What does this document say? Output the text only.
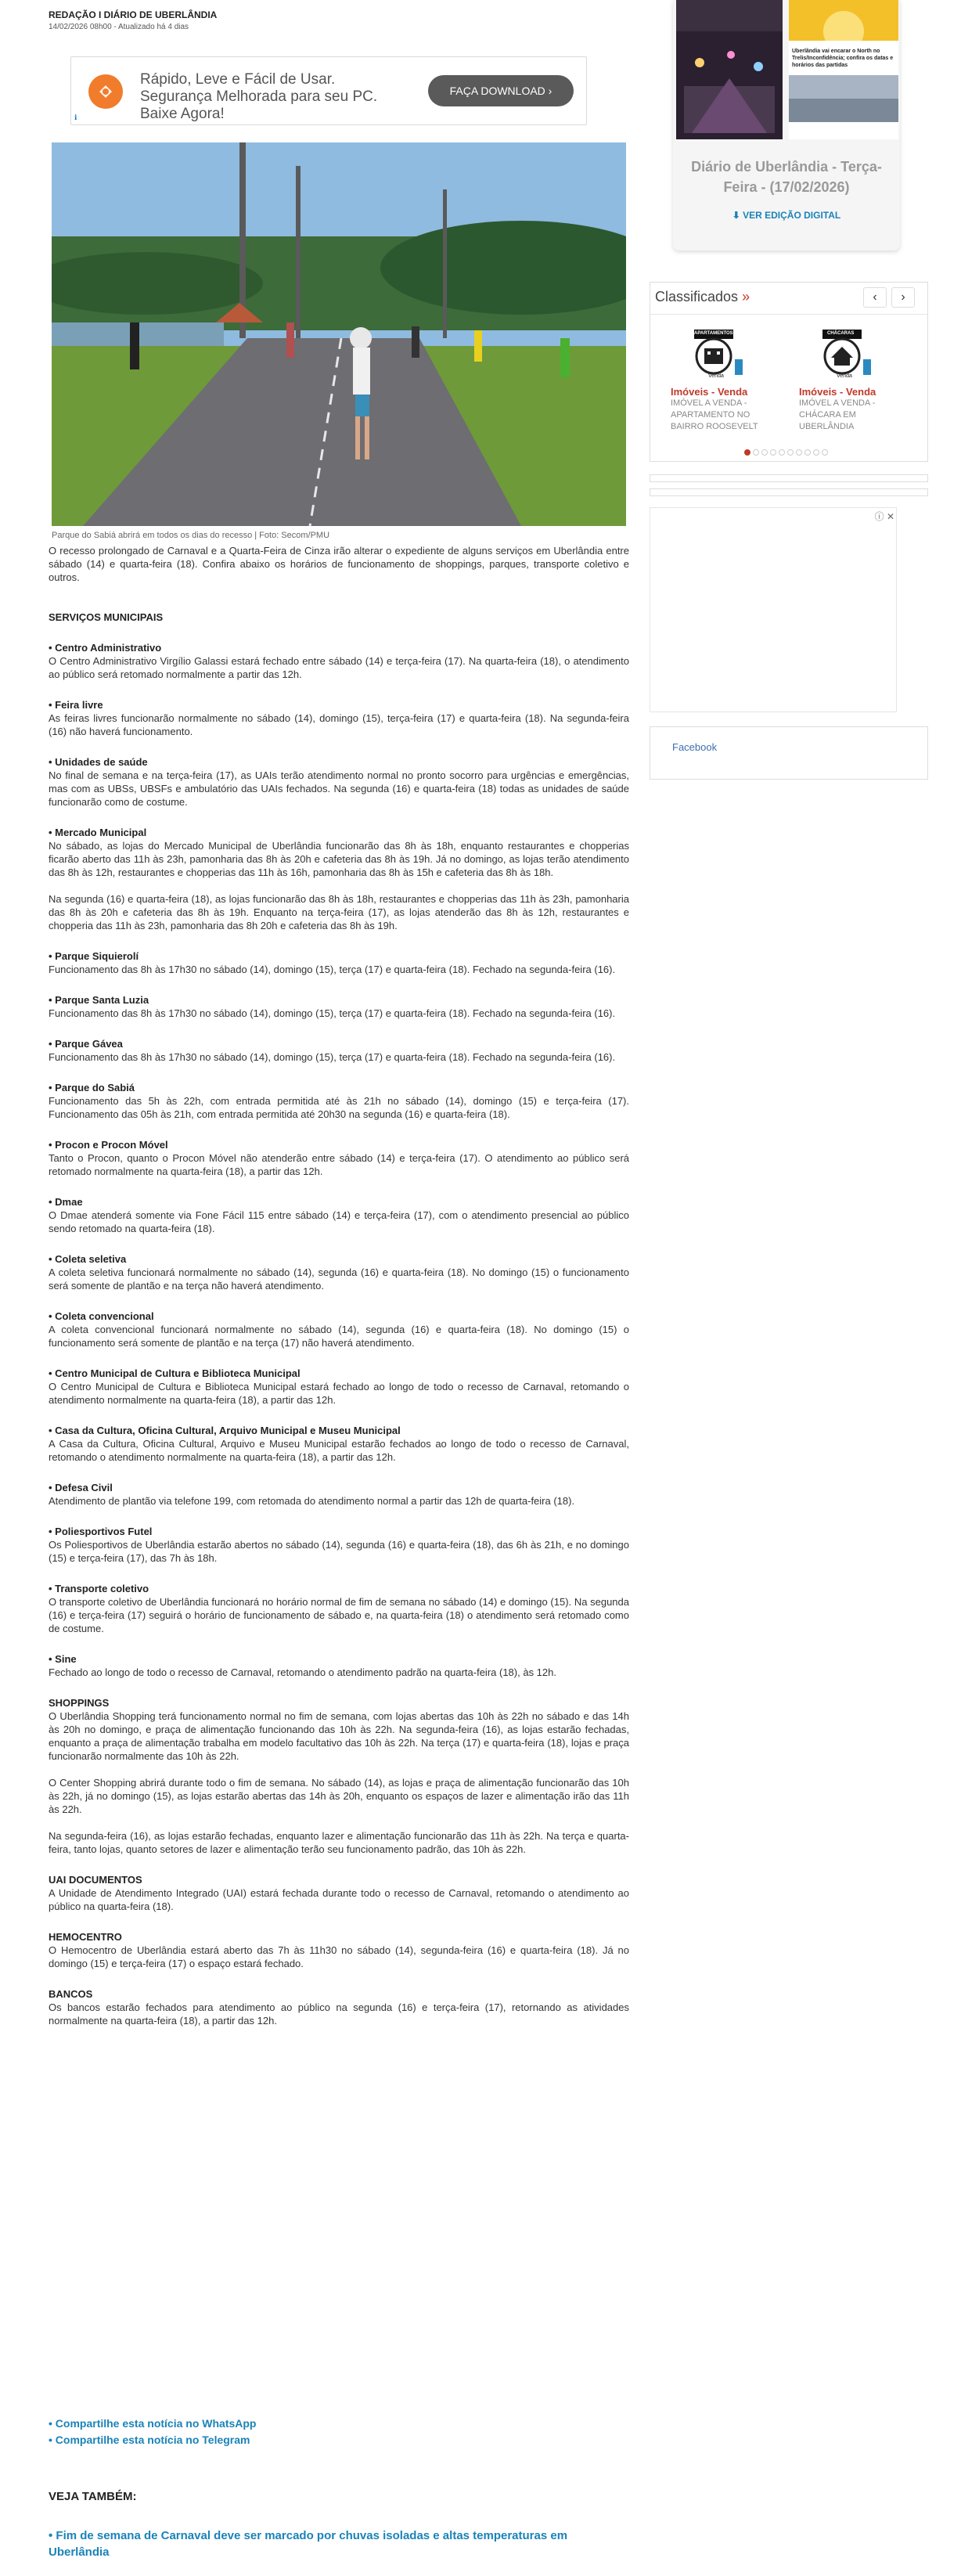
REDAÇÃO I DIÁRIO DE UBERLÂNDIA
14/02/2026 08h00 - Atualizado há 4 dias
Rápido, Leve e Fácil de Usar. Segurança Melhorada para seu PC. Baixe Agora!
FAÇA DOWNLOAD ›
ℹ
Parque do Sabiá abrirá em todos os dias do recesso | Foto: Secom/PMU

O recesso prolongado de Carnaval e a Quarta-Feira de Cinza irão alterar o expediente de alguns serviços em Uberlândia entre sábado (14) e quarta-feira (18). Confira abaixo os horários de funcionamento de shoppings, parques, transporte coletivo e outros.

SERVIÇOS MUNICIPAIS
• Centro Administrativo

O Centro Administrativo Virgílio Galassi estará fechado entre sábado (14) e terça-feira (17). Na quarta-feira (18), o atendimento ao público será retomado normalmente a partir das 12h.

• Feira livre

As feiras livres funcionarão normalmente no sábado (14), domingo (15), terça-feira (17) e quarta-feira (18). Na segunda-feira (16) não haverá funcionamento.

• Unidades de saúde

No final de semana e na terça-feira (17), as UAIs terão atendimento normal no pronto socorro para urgências e emergências, mas com as UBSs, UBSFs e ambulatório das UAIs fechados. Na segunda (16) e quarta-feira (18) todas as unidades de saúde funcionarão como de costume.

• Mercado Municipal

No sábado, as lojas do Mercado Municipal de Uberlândia funcionarão das 8h às 18h, enquanto restaurantes e chopperias ficarão aberto das 11h às 23h, pamonharia das 8h às 20h e cafeteria das 8h às 19h. Já no domingo, as lojas terão atendimento das 8h às 12h, restaurantes e chopperias das 11h às 16h, pamonharia das 8h às 15h e cafeteria das 8h às 18h.

Na segunda (16) e quarta-feira (18), as lojas funcionarão das 8h às 18h, restaurantes e chopperias das 11h às 23h, pamonharia das 8h às 20h e cafeteria das 8h às 19h. Enquanto na terça-feira (17), as lojas atenderão das 8h às 12h, restaurantes e chopperia das 11h às 23h, pamonharia das 8h 20h e cafeteria das 8h às 19h.

• Parque Siquierolí

Funcionamento das 8h às 17h30 no sábado (14), domingo (15), terça (17) e quarta-feira (18). Fechado na segunda-feira (16).

• Parque Santa Luzia

Funcionamento das 8h às 17h30 no sábado (14), domingo (15), terça (17) e quarta-feira (18). Fechado na segunda-feira (16).

• Parque Gávea

Funcionamento das 8h às 17h30 no sábado (14), domingo (15), terça (17) e quarta-feira (18). Fechado na segunda-feira (16).

• Parque do Sabiá

Funcionamento das 5h às 22h, com entrada permitida até às 21h no sábado (14), domingo (15) e terça-feira (17). Funcionamento das 05h às 21h, com entrada permitida até 20h30 na segunda (16) e quarta-feira (18).

• Procon e Procon Móvel

Tanto o Procon, quanto o Procon Móvel não atenderão entre sábado (14) e terça-feira (17). O atendimento ao público será retomado normalmente na quarta-feira (18), a partir das 12h.

• Dmae

O Dmae atenderá somente via Fone Fácil 115 entre sábado (14) e terça-feira (17), com o atendimento presencial ao público sendo retomado na quarta-feira (18).

• Coleta seletiva

A coleta seletiva funcionará normalmente no sábado (14), segunda (16) e quarta-feira (18). No domingo (15) o funcionamento será somente de plantão e na terça não haverá atendimento.

• Coleta convencional

A coleta convencional funcionará normalmente no sábado (14), segunda (16) e quarta-feira (18). No domingo (15) o funcionamento será somente de plantão e na terça (17) não haverá atendimento.

• Centro Municipal de Cultura e Biblioteca Municipal

O Centro Municipal de Cultura e Biblioteca Municipal estará fechado ao longo de todo o recesso de Carnaval, retomando o atendimento normalmente na quarta-feira (18), a partir das 12h.

• Casa da Cultura, Oficina Cultural, Arquivo Municipal e Museu Municipal

A Casa da Cultura, Oficina Cultural, Arquivo e Museu Municipal estarão fechados ao longo de todo o recesso de Carnaval, retomando o atendimento normalmente na quarta-feira (18), a partir das 12h.

• Defesa Civil

Atendimento de plantão via telefone 199, com retomada do atendimento normal a partir das 12h de quarta-feira (18).

• Poliesportivos Futel

Os Poliesportivos de Uberlândia estarão abertos no sábado (14), segunda (16) e quarta-feira (18), das 6h às 21h, e no domingo (15) e terça-feira (17), das 7h às 18h.

• Transporte coletivo

O transporte coletivo de Uberlândia funcionará no horário normal de fim de semana no sábado (14) e domingo (15). Na segunda (16) e terça-feira (17) seguirá o horário de funcionamento de sábado e, na quarta-feira (18) o atendimento será retomado como de costume.

• Sine

Fechado ao longo de todo o recesso de Carnaval, retomando o atendimento padrão na quarta-feira (18), às 12h.

SHOPPINGS

O Uberlândia Shopping terá funcionamento normal no fim de semana, com lojas abertas das 10h às 22h no sábado e das 14h às 20h no domingo, e praça de alimentação funcionando das 10h às 22h. Na segunda-feira (16), as lojas estarão fechadas, enquanto a praça de alimentação trabalha em modelo facultativo das 10h às 22h. Na terça (17) e quarta-feira (18), lojas e praça funcionarão normalmente das 10h às 22h.

O Center Shopping abrirá durante todo o fim de semana. No sábado (14), as lojas e praça de alimentação funcionarão das 10h às 22h, já no domingo (15), as lojas estarão abertas das 14h às 20h, enquanto os espaços de lazer e alimentação irão das 11h às 22h.

Na segunda-feira (16), as lojas estarão fechadas, enquanto lazer e alimentação funcionarão das 11h às 22h. Na terça e quarta-feira, tanto lojas, quanto setores de lazer e alimentação terão seu funcionamento padrão, das 10h às 22h.

UAI DOCUMENTOS

A Unidade de Atendimento Integrado (UAI) estará fechada durante todo o recesso de Carnaval, retomando o atendimento ao público na quarta-feira (18).

HEMOCENTRO

O Hemocentro de Uberlândia estará aberto das 7h às 11h30 no sábado (14), segunda-feira (16) e quarta-feira (18). Já no domingo (15) e terça-feira (17) o espaço estará fechado.

BANCOS

Os bancos estarão fechados para atendimento ao público na segunda (16) e terça-feira (17), retornando as atividades normalmente na quarta-feira (18), a partir das 12h.

• Compartilhe esta notícia no WhatsApp
• Compartilhe esta notícia no Telegram
VEJA TAMBÉM:
• Fim de semana de Carnaval deve ser marcado por chuvas isoladas e altas temperaturas em Uberlândia
Uberlândia vai encarar o North no Trelis/Inconfidência; confira os datas e horários das partidas
Diário de Uberlândia - Terça-Feira - (17/02/2026)
⬇ VER EDIÇÃO DIGITAL
Classificados »	‹	›
APARTAMENTOS
Venda
Imóveis - Venda
IMÓVEL A VENDA - APARTAMENTO NO BAIRRO ROOSEVELT
CHÁCARAS
Venda
Imóveis - Venda
IMÓVEL A VENDA - CHÁCARA EM UBERLÂNDIA
ⓘ ✕
Facebook
